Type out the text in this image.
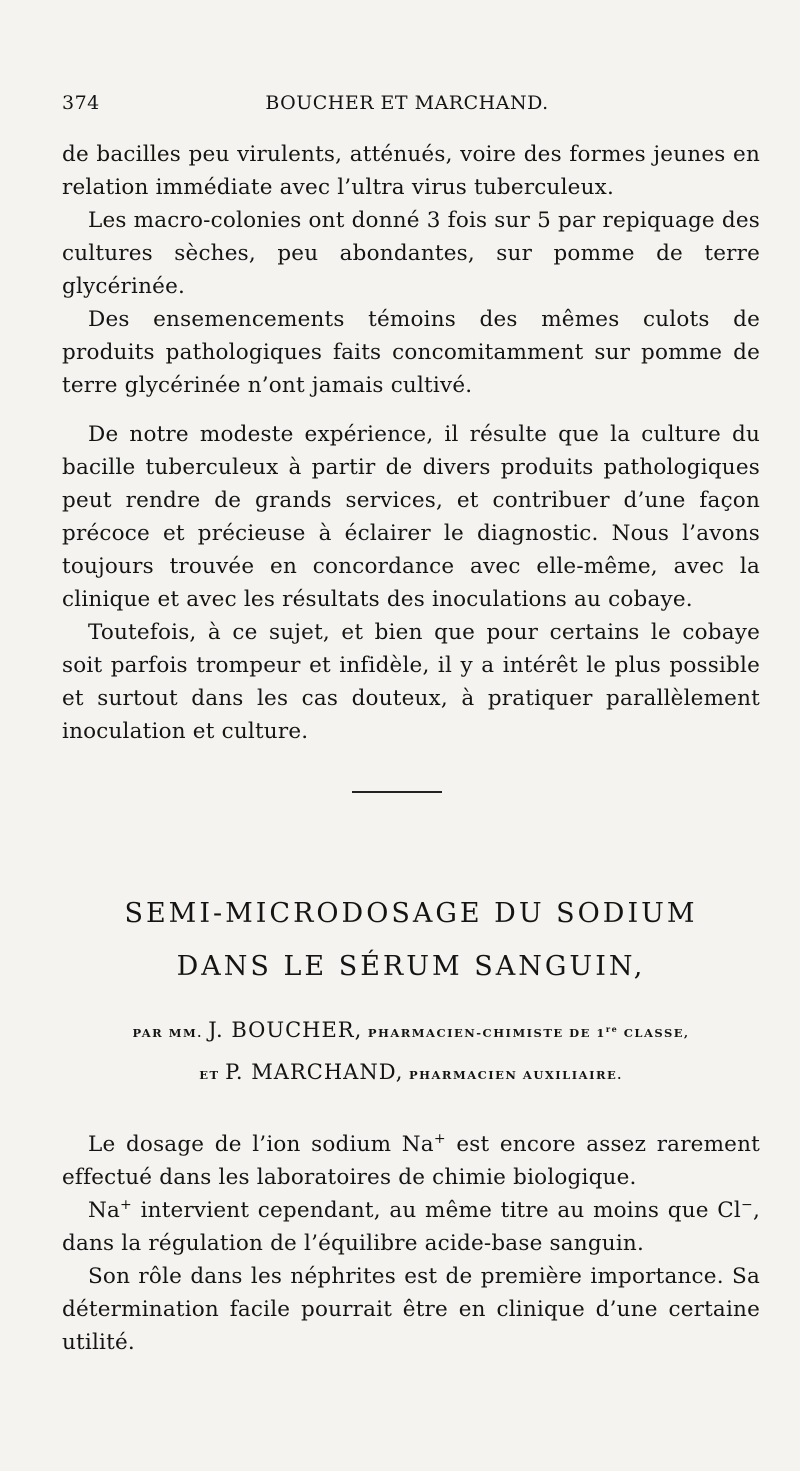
374	BOUCHER ET MARCHAND.

de bacilles peu virulents, atténués, voire des formes jeunes en relation immédiate avec l’ultra virus tuberculeux.

Les macro-colonies ont donné 3 fois sur 5 par repiquage des cultures sèches, peu abondantes, sur pomme de terre glycérinée.

Des ensemencements témoins des mêmes culots de produits pathologiques faits concomitamment sur pomme de terre glycérinée n’ont jamais cultivé.

De notre modeste expérience, il résulte que la culture du bacille tuberculeux à partir de divers produits pathologiques peut rendre de grands services, et contribuer d’une façon précoce et précieuse à éclairer le diagnostic. Nous l’avons toujours trouvée en concordance avec elle-même, avec la clinique et avec les résultats des inoculations au cobaye.

Toutefois, à ce sujet, et bien que pour certains le cobaye soit parfois trompeur et infidèle, il y a intérêt le plus possible et surtout dans les cas douteux, à pratiquer parallèlement inoculation et culture.

SEMI-MICRODOSAGE DU SODIUM
DANS LE SÉRUM SANGUIN,
PAR MM. J. BOUCHER, PHARMACIEN-CHIMISTE DE 1re CLASSE,
ET P. MARCHAND, PHARMACIEN AUXILIAIRE.

Le dosage de l’ion sodium Na+ est encore assez rarement effectué dans les laboratoires de chimie biologique.

Na+ intervient cependant, au même titre au moins que Cl−, dans la régulation de l’équilibre acide-base sanguin.

Son rôle dans les néphrites est de première importance. Sa détermination facile pourrait être en clinique d’une certaine utilité.
